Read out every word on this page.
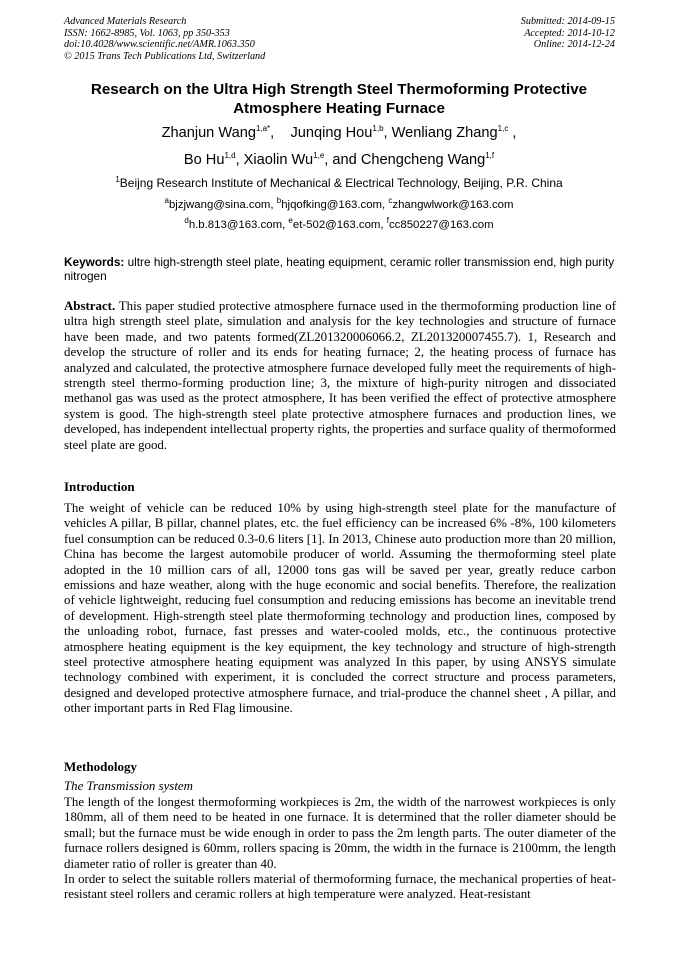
Advanced Materials Research
ISSN: 1662-8985, Vol. 1063, pp 350-353
doi:10.4028/www.scientific.net/AMR.1063.350
© 2015 Trans Tech Publications Ltd, Switzerland
Submitted: 2014-09-15
Accepted: 2014-10-12
Online: 2014-12-24
Research on the Ultra High Strength Steel Thermoforming Protective
Atmosphere Heating Furnace
Zhanjun Wang$^{1,a*}$,    Junqing Hou$^{1,b}$, Wenliang Zhang$^{1,c}$ ,
Bo Hu$^{1,d}$, Xiaolin Wu$^{1,e}$, and Chengcheng Wang$^{1,f}$
$^1$Beijng Research Institute of Mechanical & Electrical Technology, Beijing, P.R. China
$^a$bjzjwang@sina.com, $^b$hjqofking@163.com, $^c$zhangwlwork@163.com
$^d$h.b.813@163.com, $^e$et-502@163.com, $^f$cc850227@163.com
Keywords: ultre high-strength steel plate, heating equipment, ceramic roller transmission end, high purity nitrogen

Abstract. This paper studied protective atmosphere furnace used in the thermoforming production line of ultra high strength steel plate, simulation and analysis for the key technologies and structure of furnace have been made, and two patents formed(ZL201320006066.2, ZL201320007455.7). 1, Research and develop the structure of roller and its ends for heating furnace; 2, the heating process of furnace has analyzed and calculated, the protective atmosphere furnace developed fully meet the requirements of high-strength steel thermo-forming production line; 3, the mixture of high-purity nitrogen and dissociated methanol gas was used as the protect atmosphere, It has been verified the effect of protective atmosphere system is good. The high-strength steel plate protective atmosphere furnaces and production lines, we developed, has independent intellectual property rights, the properties and surface quality of thermoformed steel plate are good.

Introduction

The weight of vehicle can be reduced 10% by using high-strength steel plate for the manufacture of vehicles A pillar, B pillar, channel plates, etc. the fuel efficiency can be increased 6% -8%, 100 kilometers fuel consumption can be reduced 0.3-0.6 liters [1]. In 2013, Chinese auto production more than 20 million, China has become the largest automobile producer of world. Assuming the thermoforming steel plate adopted in the 10 million cars of all, 12000 tons gas will be saved per year, greatly reduce carbon emissions and haze weather, along with the huge economic and social benefits. Therefore, the realization of vehicle lightweight, reducing fuel consumption and reducing emissions has become an inevitable trend of development. High-strength steel plate thermoforming technology and production lines, composed by the unloading robot, furnace, fast presses and water-cooled molds, etc., the continuous protective atmosphere heating equipment is the key equipment, the key technology and structure of high-strength steel protective atmosphere heating equipment was analyzed In this paper, by using ANSYS simulate technology combined with experiment, it is concluded the correct structure and process parameters, designed and developed protective atmosphere furnace, and trial-produce the channel sheet , A pillar, and other important parts in Red Flag limousine.

Methodology
The Transmission system

The length of the longest thermoforming workpieces is 2m, the width of the narrowest workpieces is only 180mm, all of them need to be heated in one furnace. It is determined that the roller diameter should be small; but the furnace must be wide enough in order to pass the 2m length parts. The outer diameter of the furnace rollers designed is 60mm, rollers spacing is 20mm, the width in the furnace is 2100mm, the length diameter ratio of roller is greater than 40.

In order to select the suitable rollers material of thermoforming furnace, the mechanical properties of heat-resistant steel rollers and ceramic rollers at high temperature were analyzed. Heat-resistant
